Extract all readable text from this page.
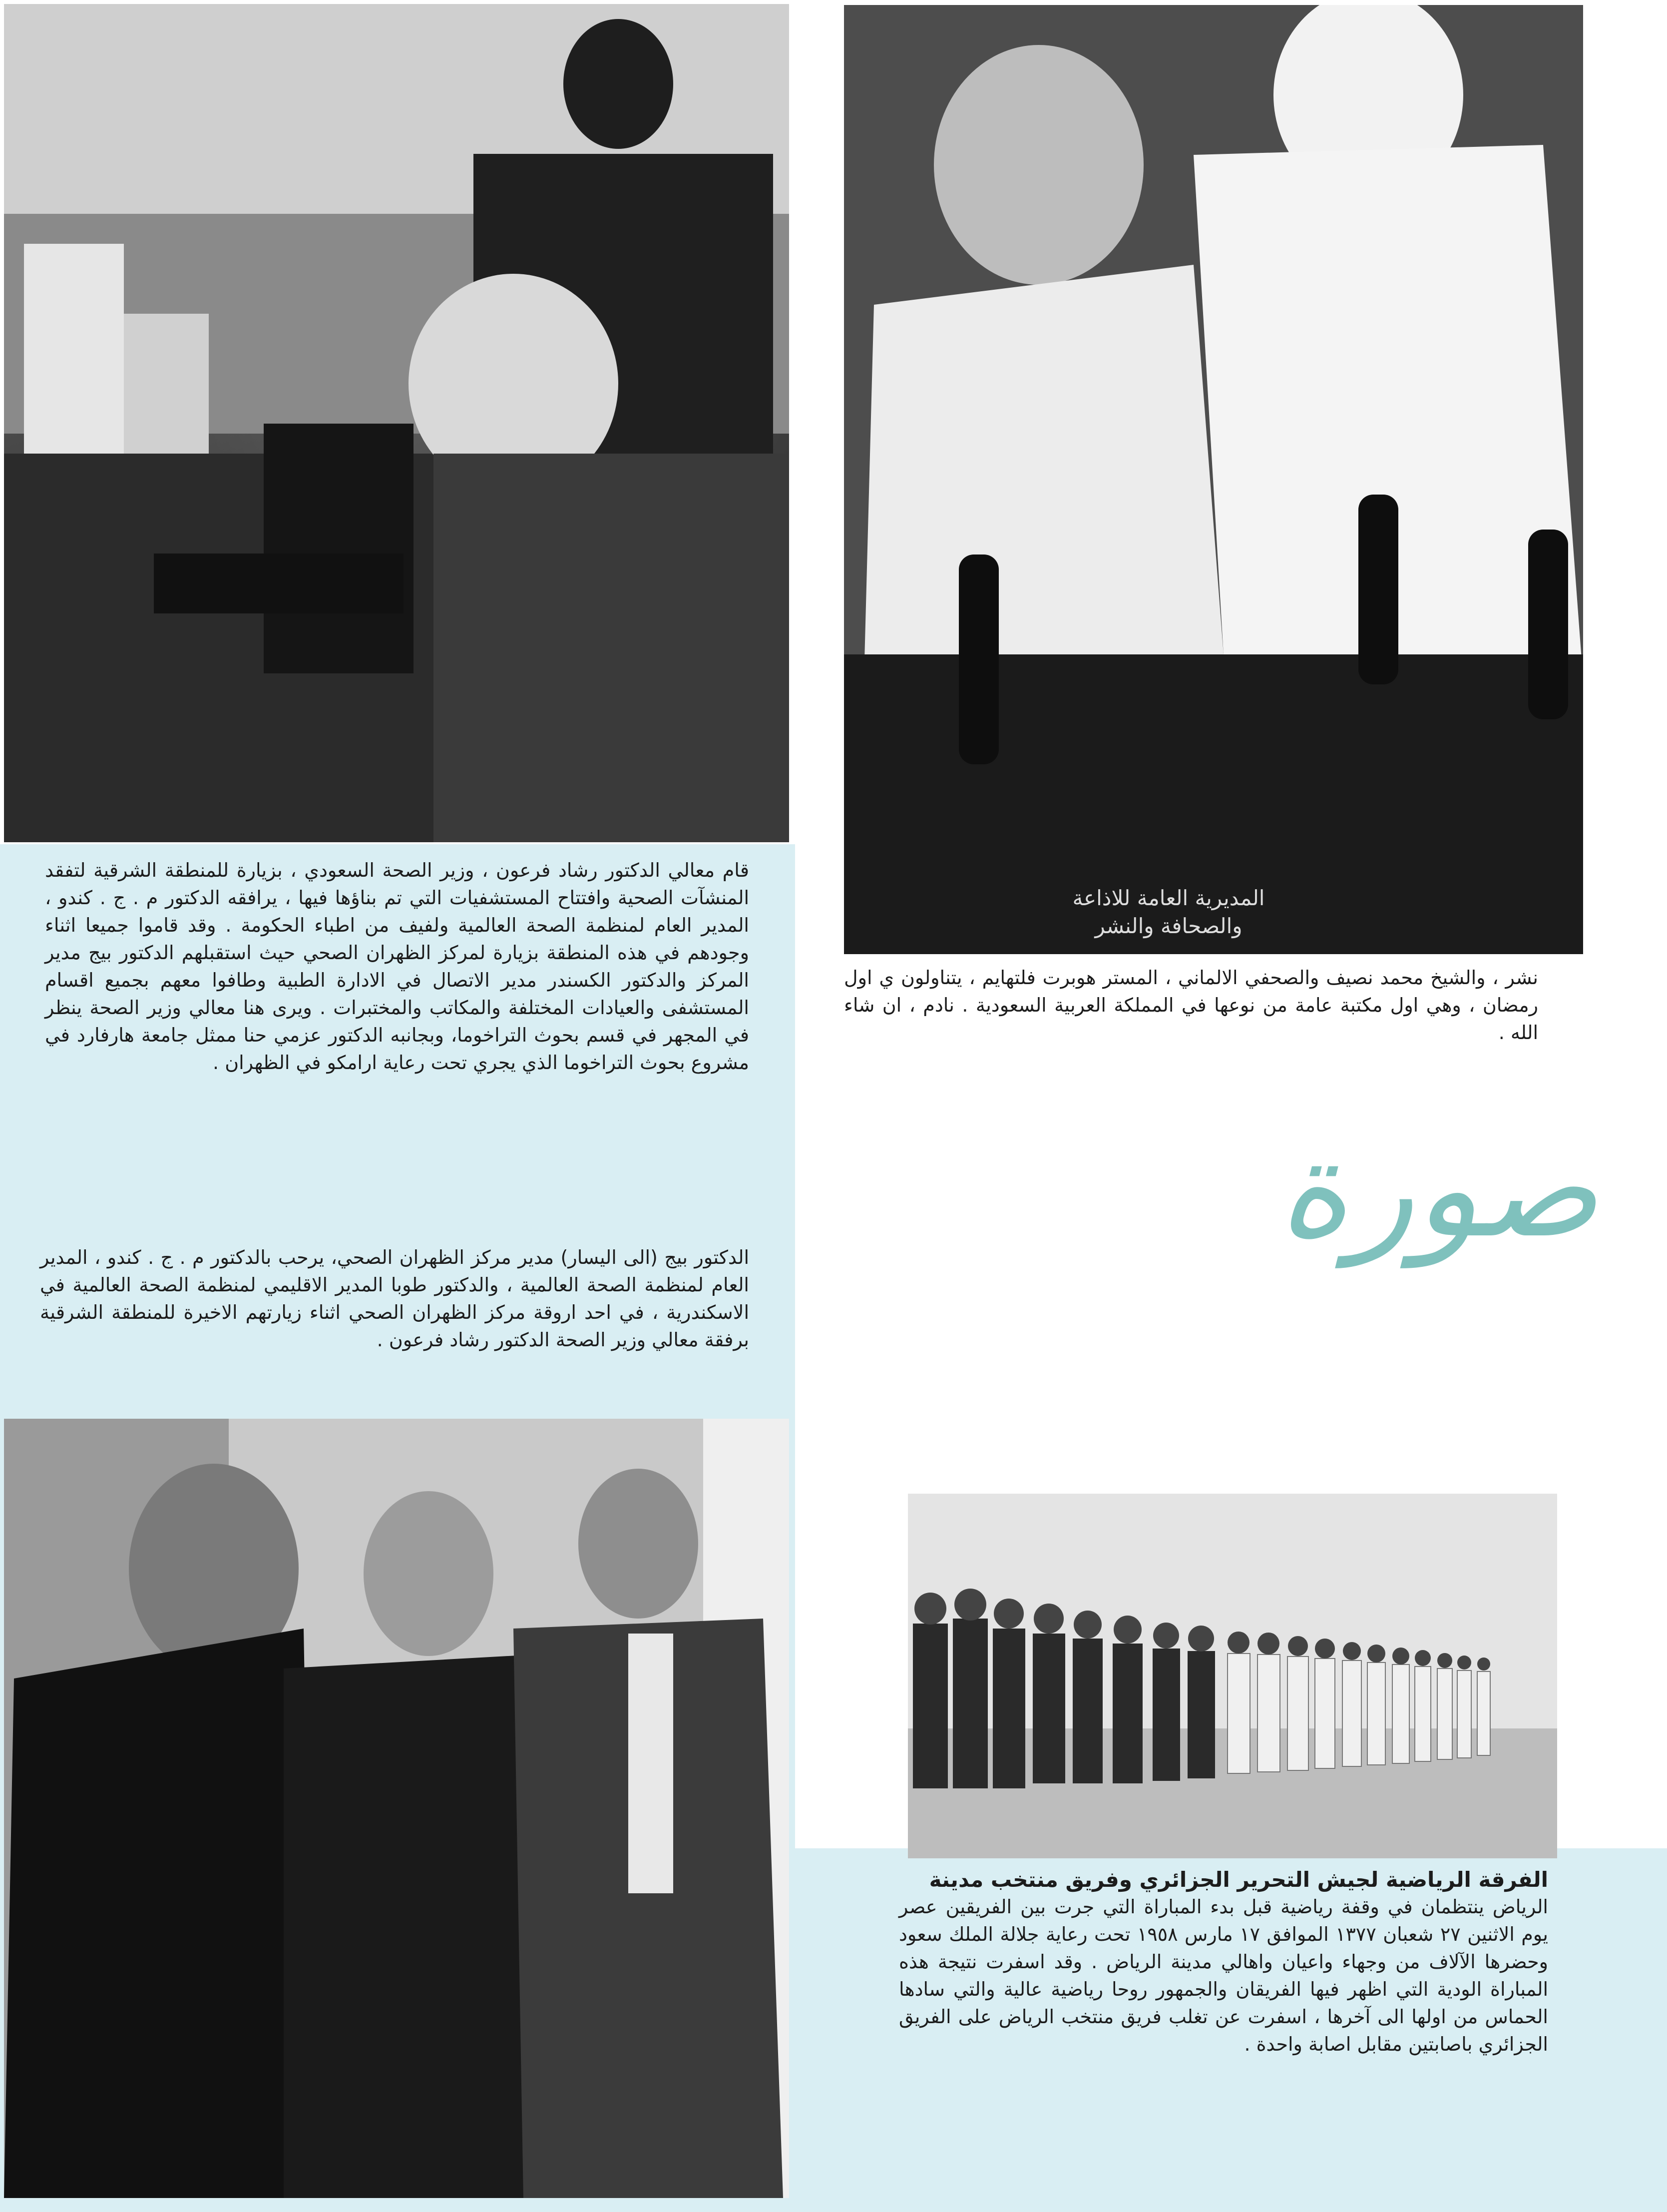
المديرية العامة للاذاعة
والصحافة والنشر
قام معالي الدكتور رشاد فرعون ، وزير الصحة السعودي ، بزيارة للمنطقة الشرقية لتفقد المنشآت الصحية وافتتاح المستشفيات التي تم بناؤها فيها ، يرافقه الدكتور م . ج . كندو ، المدير العام لمنظمة الصحة العالمية ولفيف من اطباء الحكومة . وقد قاموا جميعا اثناء وجودهم في هذه المنطقة بزيارة لمركز الظهران الصحي حيث استقبلهم الدكتور بيج مدير المركز والدكتور الكسندر مدير الاتصال في الادارة الطبية وطافوا معهم بجميع اقسام المستشفى والعيادات المختلفة والمكاتب والمختبرات . ويرى هنا معالي وزير الصحة ينظر في المجهر في قسم بحوث التراخوما، وبجانبه الدكتور عزمي حنا ممثل جامعة هارفارد في مشروع بحوث التراخوما الذي يجري تحت رعاية ارامكو في الظهران .
نشر ، والشيخ محمد نصيف والصحفي الالماني ، المستر هوبرت فلتهايم ، يتناولون ي اول رمضان ، وهي اول مكتبة عامة من نوعها في المملكة العربية السعودية . نادم ، ان شاء الله .
صورة
الدكتور بيج (الى اليسار) مدير مركز الظهران الصحي، يرحب بالدكتور م . ج . كندو ، المدير العام لمنظمة الصحة العالمية ، والدكتور طوبا المدير الاقليمي لمنظمة الصحة العالمية في الاسكندرية ، في احد اروقة مركز الظهران الصحي اثناء زيارتهم الاخيرة للمنطقة الشرقية برفقة معالي وزير الصحة الدكتور رشاد فرعون .
الفرقة الرياضية لجيش التحرير الجزائري وفريق منتخب مدينة
الرياض ينتظمان في وقفة رياضية قبل بدء المباراة التي جرت بين الفريقين عصر يوم الاثنين ٢٧ شعبان ١٣٧٧ الموافق ١٧ مارس ١٩٥٨ تحت رعاية جلالة الملك سعود وحضرها الآلاف من وجهاء واعيان واهالي مدينة الرياض . وقد اسفرت نتيجة هذه المباراة الودية التي اظهر فيها الفريقان والجمهور روحا رياضية عالية والتي سادها الحماس من اولها الى آخرها ، اسفرت عن تغلب فريق منتخب الرياض على الفريق الجزائري باصابتين مقابل اصابة واحدة .
